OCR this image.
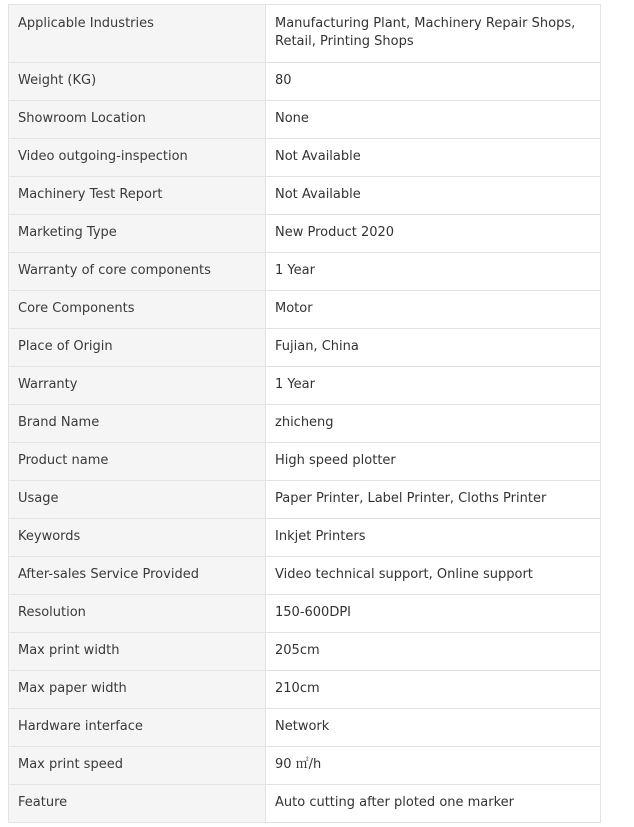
Applicable Industries	Manufacturing Plant, Machinery Repair Shops, Retail, Printing Shops
Weight (KG)	80
Showroom Location	None
Video outgoing-inspection	Not Available
Machinery Test Report	Not Available
Marketing Type	New Product 2020
Warranty of core components	1 Year
Core Components	Motor
Place of Origin	Fujian, China
Warranty	1 Year
Brand Name	zhicheng
Product name	High speed plotter
Usage	Paper Printer, Label Printer, Cloths Printer
Keywords	Inkjet Printers
After-sales Service Provided	Video technical support, Online support
Resolution	150-600DPI
Max print width	205cm
Max paper width	210cm
Hardware interface	Network
Max print speed	90 ㎡/h
Feature	Auto cutting after ploted one marker
